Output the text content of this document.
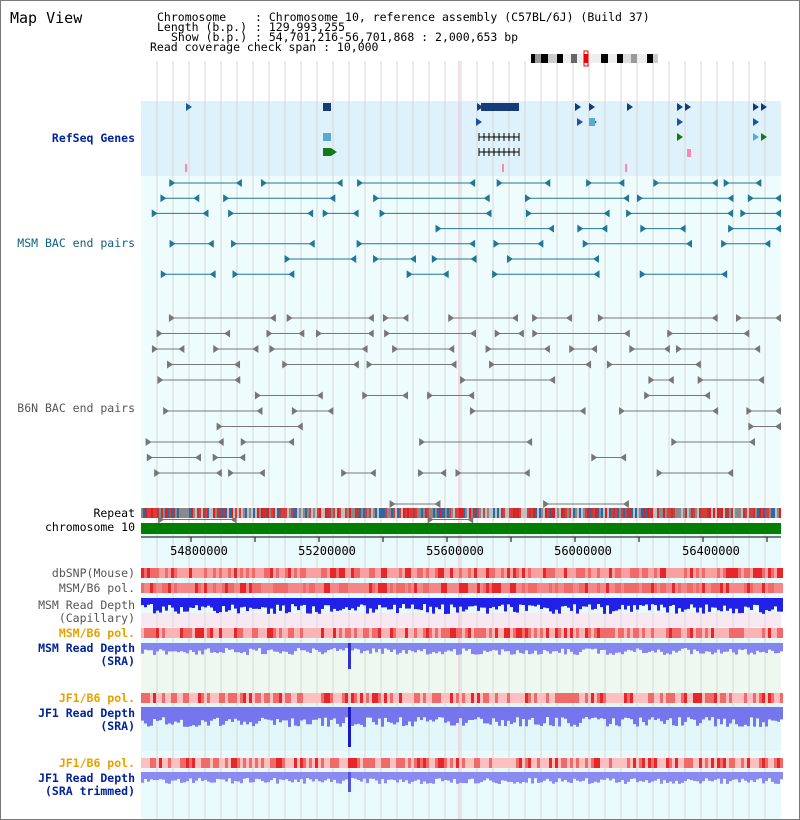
54800000	55200000	55600000	56000000	56400000
Map View	Chromosome	: Chromosome 10, reference assembly (C57BL/6J) (Build 37)
Length (b.p.) : 129,993,255
Show (b.p.) : 54,701,216-56,701,868 : 2,000,653 bp
Read coverage check span : 10,000
RefSeq Genes
MSM BAC end pairs
B6N BAC end pairs
Repeat
chromosome 10
dbSNP(Mouse)
MSM/B6 pol.
MSM Read Depth
(Capillary)
MSM/B6 pol.
MSM Read Depth
(SRA)
JF1/B6 pol.
JF1 Read Depth
(SRA)
JF1/B6 pol.
JF1 Read Depth
(SRA trimmed)
